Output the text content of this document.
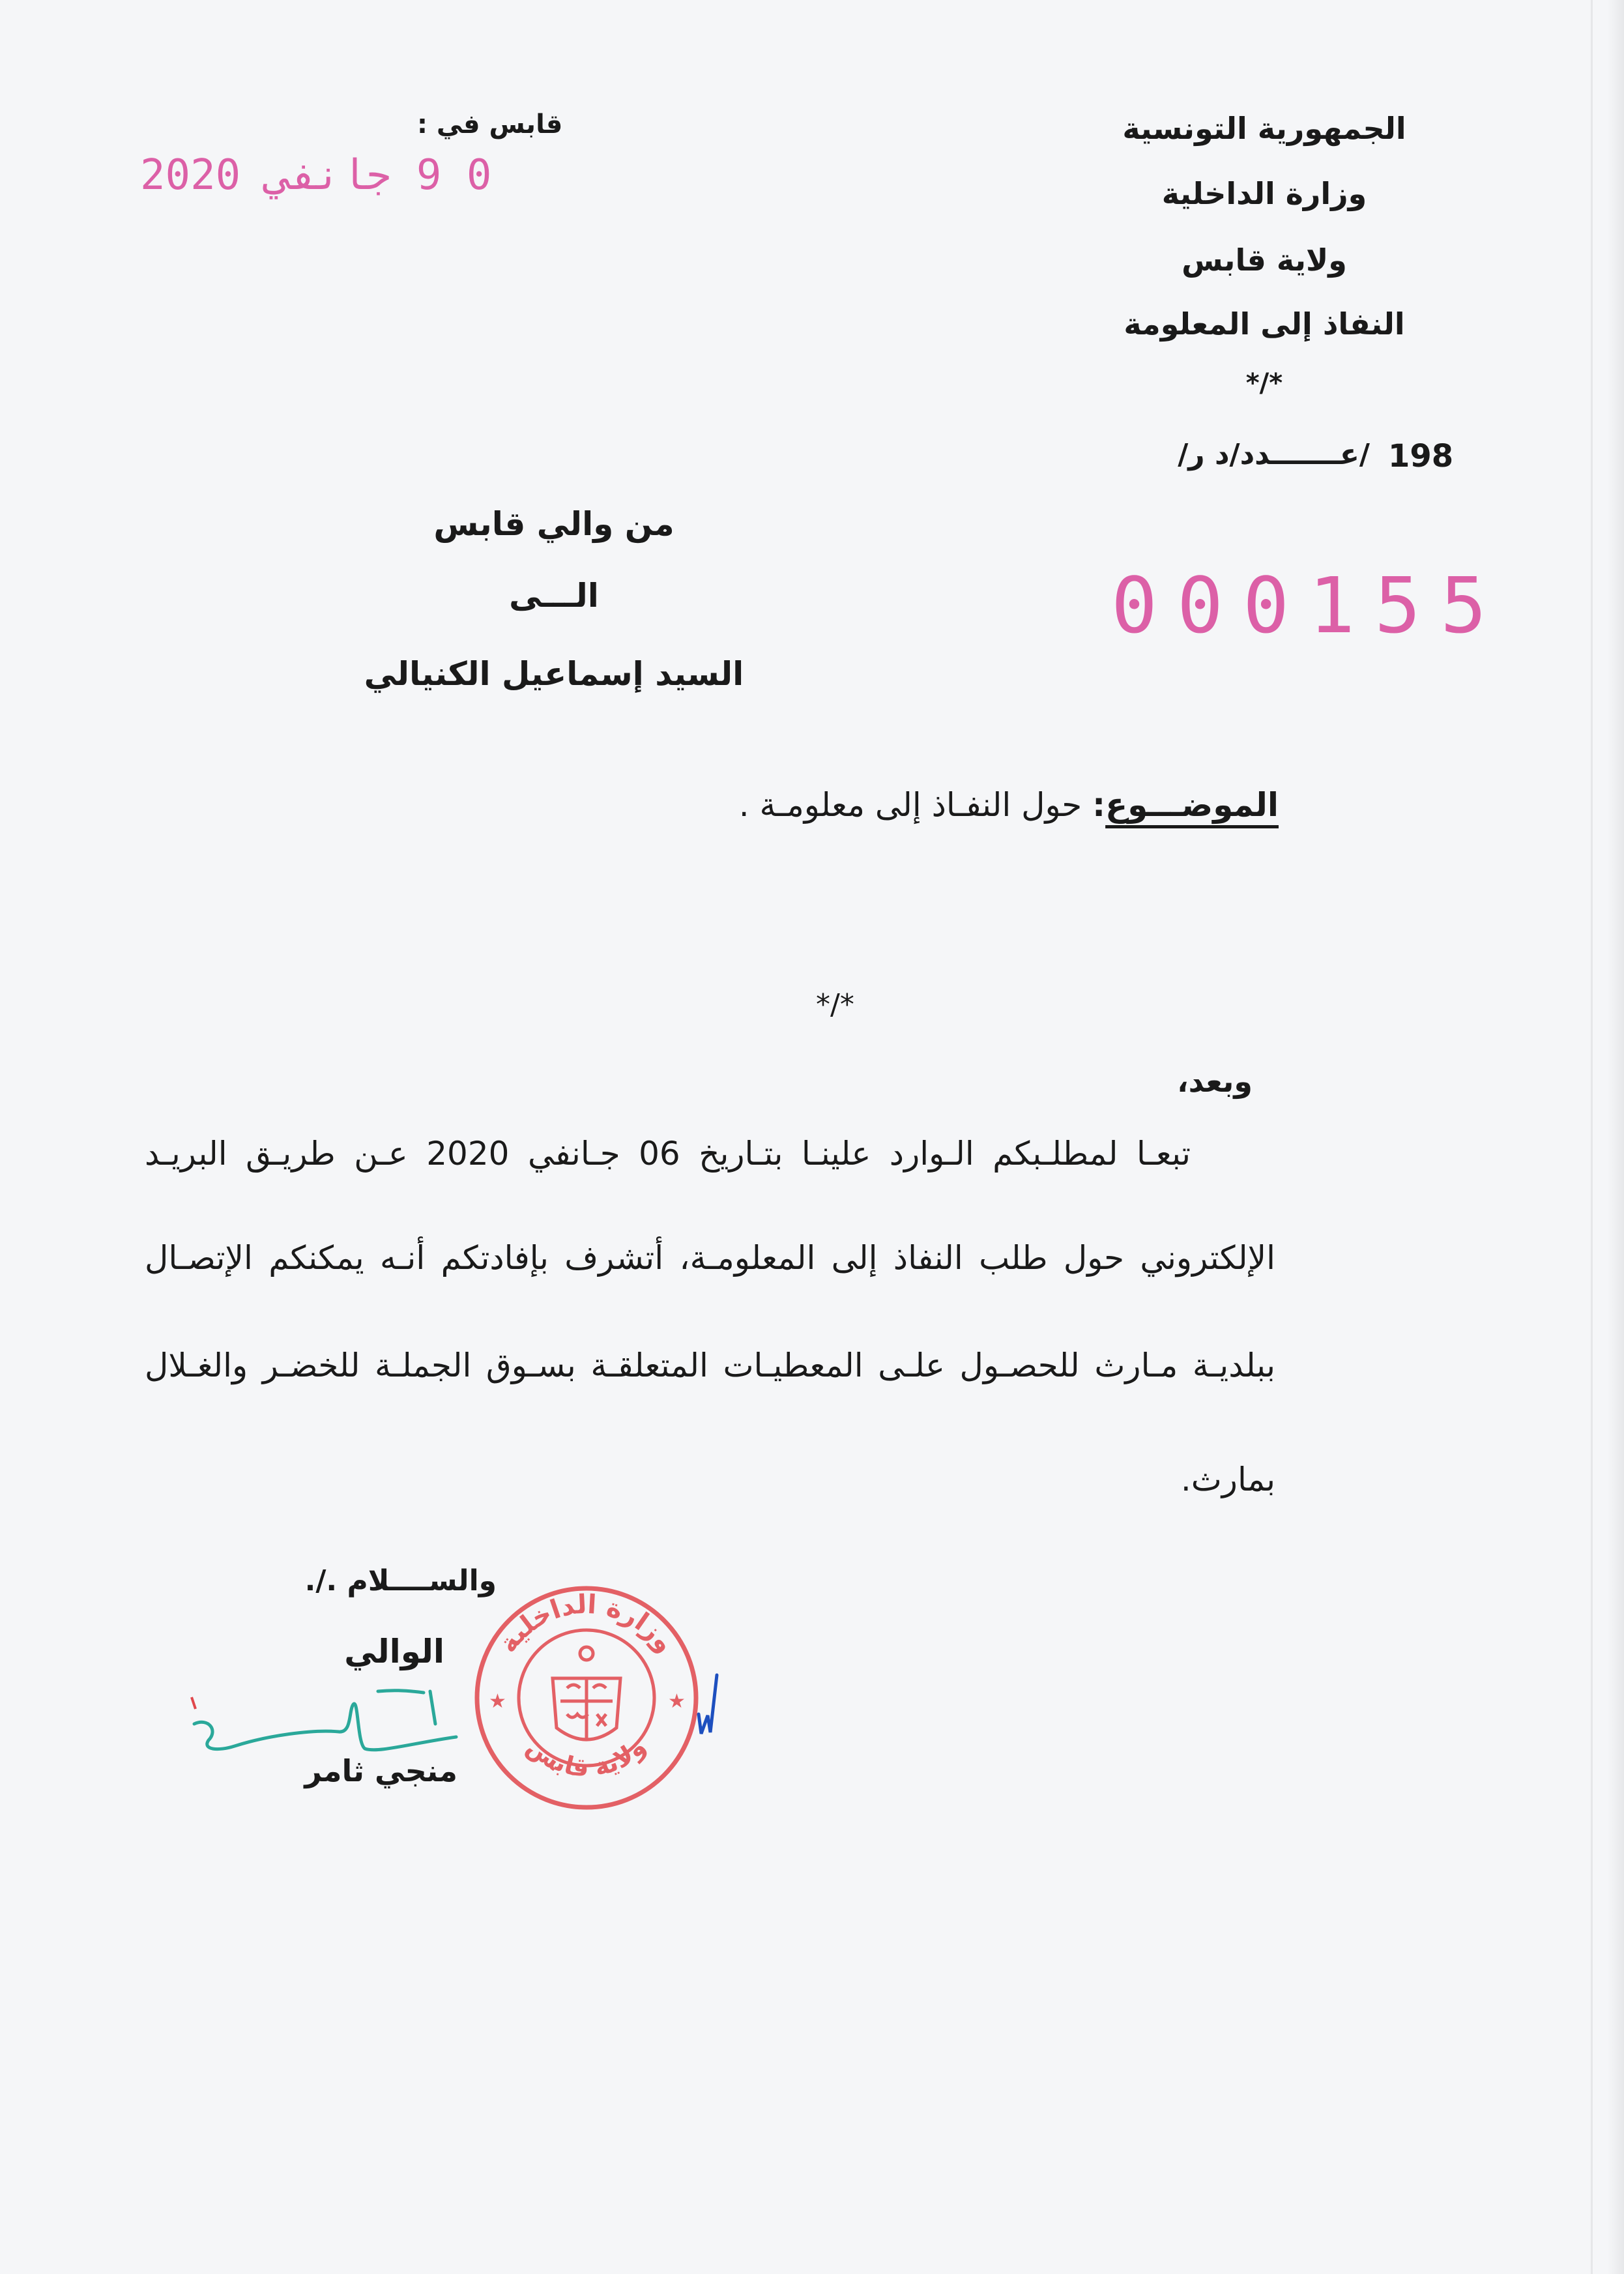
الجمهورية التونسية
وزارة الداخلية
ولاية قابس
النفاذ إلى المعلومة
*/*
198
/عـــــــدد/د ر/
قابس في :
0 9 جانفي 2020
000155
من والي قابس
الـــى
السيد إسماعيل الكنيالي
الموضـــوع: حول النفـاذ إلى معلومـة .
*/*
وبعد،
تبعـا لمطلـبكم الـوارد علينـا بتـاريخ 06 جـانفي 2020 عـن طريـق البريـد
الإلكتروني حول طلب النفاذ إلى المعلومـة، أتشرف بإفادتكم أنـه يمكنكم الإتصـال
ببلديـة مـارث للحصـول علـى المعطيـات المتعلقـة بسـوق الجملـة للخضـر والغـلال
بمارث.
والســــلام ./.
الوالي
منجي ثامر
وزارة الداخلية
ولاية قابس
★	★
